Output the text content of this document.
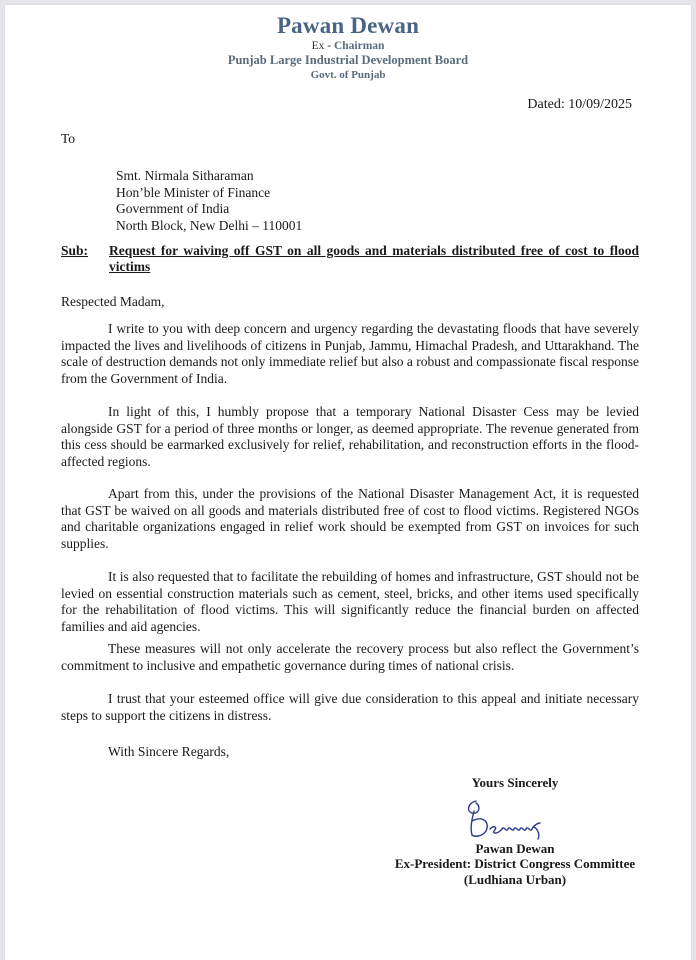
Pawan Dewan
Ex - Chairman
Punjab Large Industrial Development Board
Govt. of Punjab
Dated: 10/09/2025
To
Smt. Nirmala Sitharaman
Hon’ble Minister of Finance
Government of India
North Block, New Delhi – 110001
Sub:	Request for waiving off GST on all goods and materials distributed free of cost to flood victims
Respected Madam,

I write to you with deep concern and urgency regarding the devastating floods that have severely impacted the lives and livelihoods of citizens in Punjab, Jammu, Himachal Pradesh, and Uttarakhand. The scale of destruction demands not only immediate relief but also a robust and compassionate fiscal response from the Government of India.

In light of this, I humbly propose that a temporary National Disaster Cess may be levied alongside GST for a period of three months or longer, as deemed appropriate. The revenue generated from this cess should be earmarked exclusively for relief, rehabilitation, and reconstruction efforts in the flood-affected regions.

Apart from this, under the provisions of the National Disaster Management Act, it is requested that GST be waived on all goods and materials distributed free of cost to flood victims. Registered NGOs and charitable organizations engaged in relief work should be exempted from GST on invoices for such supplies.

It is also requested that to facilitate the rebuilding of homes and infrastructure, GST should not be levied on essential construction materials such as cement, steel, bricks, and other items used specifically for the rehabilitation of flood victims. This will significantly reduce the financial burden on affected families and aid agencies.

These measures will not only accelerate the recovery process but also reflect the Government’s commitment to inclusive and empathetic governance during times of national crisis.

I trust that your esteemed office will give due consideration to this appeal and initiate necessary steps to support the citizens in distress.

With Sincere Regards,
Yours Sincerely
Pawan Dewan
Ex-President: District Congress Committee
(Ludhiana Urban)
